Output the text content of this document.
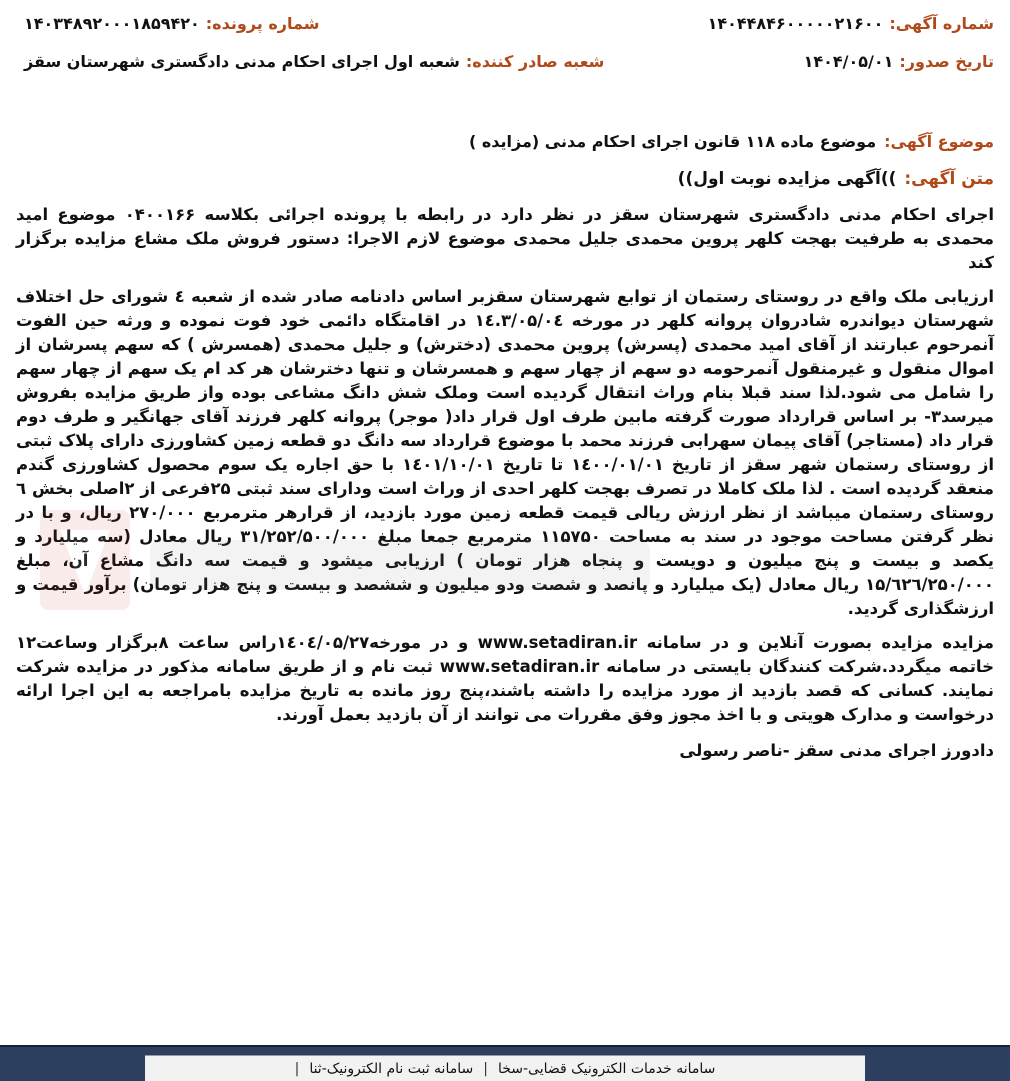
شماره آگهی:
۱۴۰۴۴۸۴۶۰۰۰۰۰۲۱۶۰۰
شماره پرونده:
۱۴۰۳۴۸۹۲۰۰۰۱۸۵۹۴۲۰
تاریخ صدور:
۱۴۰۴/۰۵/۰۱
شعبه صادر کننده:
شعبه اول اجرای احکام مدنی دادگستری شهرستان سقز
موضوع آگهی:
موضوع ماده ۱۱۸ قانون اجرای احکام مدنی (مزایده )
متن آگهی:
))آگهی مزایده نوبت اول))

اجرای احکام مدنی دادگستری شهرستان سقز در نظر دارد در رابطه با پرونده اجرائی بکلاسه ۰۴۰۰۱۶۶ موضوع امید محمدی به طرفیت بهجت کلهر پروین محمدی جلیل محمدی موضوع لازم الاجرا: دستور فروش ملک مشاع مزایده برگزار کند

ارزیابی ملک واقع در روستای رستمان از توابع شهرستان سقزبر اساس دادنامه صادر شده از شعبه ٤ شورای حل اختلاف شهرستان دیواندره شادروان پروانه کلهر در مورخه ۱٤.۳/۰۵/۰٤ در اقامتگاه دائمی خود فوت نموده و ورثه حین الفوت آنمرحوم عبارتند از آقای امید محمدی (پسرش) پروین محمدی (دخترش) و جلیل محمدی (همسرش ) که سهم پسرشان از اموال منقول و غیرمنقول آنمرحومه دو سهم از چهار سهم و همسرشان و تنها دخترشان هر کد ام یک سهم از چهار سهم را شامل می شود.لذا سند قبلا بنام وراث انتقال گردیده است وملک شش دانگ مشاعی بوده واز طریق مزایده بفروش میرسد۳- بر اساس قرارداد صورت گرفته مابین طرف اول قرار داد( موجر) پروانه کلهر فرزند آقای جهانگیر و طرف دوم قرار داد (مستاجر) آقای پیمان سهرابی فرزند محمد با موضوع قرارداد سه دانگ دو قطعه زمین کشاورزی دارای پلاک ثبتی از روستای رستمان شهر سقز از تاریخ ۱٤۰۰/۰۱/۰۱ تا تاریخ ۱٤۰۱/۱۰/۰۱ با حق اجاره یک سوم محصول کشاورزی گندم منعقد گردیده است . لذا ملک کاملا در تصرف بهجت کلهر احدی از وراث است ودارای سند ثبتی ۲۵فرعی از ۲اصلی بخش ٦ روستای رستمان میباشد از نظر ارزش ریالی قیمت قطعه زمین مورد بازدید، از قرارهر مترمربع ۲۷۰/۰۰۰ ریال، و با در نظر گرفتن مساحت موجود در سند به مساحت ۱۱۵۷۵۰ مترمربع جمعا مبلغ ۳۱/۲۵۲/۵۰۰/۰۰۰ ریال معادل (سه میلیارد و یکصد و بیست و پنج میلیون و دویست و پنجاه هزار تومان ) ارزیابی میشود و قیمت سه دانگ مشاع آن، مبلغ ۱۵/٦۲٦/۲۵۰/۰۰۰ ریال معادل (یک میلیارد و پانصد و شصت ودو میلیون و ششصد و بیست و پنج هزار تومان) برآور قیمت و ارزشگذاری گردید.

مزایده مزایده بصورت آنلاین و در سامانه www.setadiran.ir و در مورخه۱٤۰٤/۰۵/۲۷راس ساعت ۸برگزار وساعت۱۲ خاتمه میگردد.شرکت کنندگان بایستی در سامانه www.setadiran.ir ثبت نام و از طریق سامانه مذکور در مزایده شرکت نمایند. کسانی که قصد بازدید از مورد مزایده را داشته باشند،پنج روز مانده به تاریخ مزایده بامراجعه به این اجرا ارائه درخواست و مدارک هویتی و با اخذ مجوز وفق مقررات می توانند از آن بازدید بعمل آورند.

دادورز اجرای مدنی سقز -ناصر رسولی
سامانه خدمات الکترونیک قضایی-سخا
|
سامانه ثبت نام الکترونیک-ثنا
|
